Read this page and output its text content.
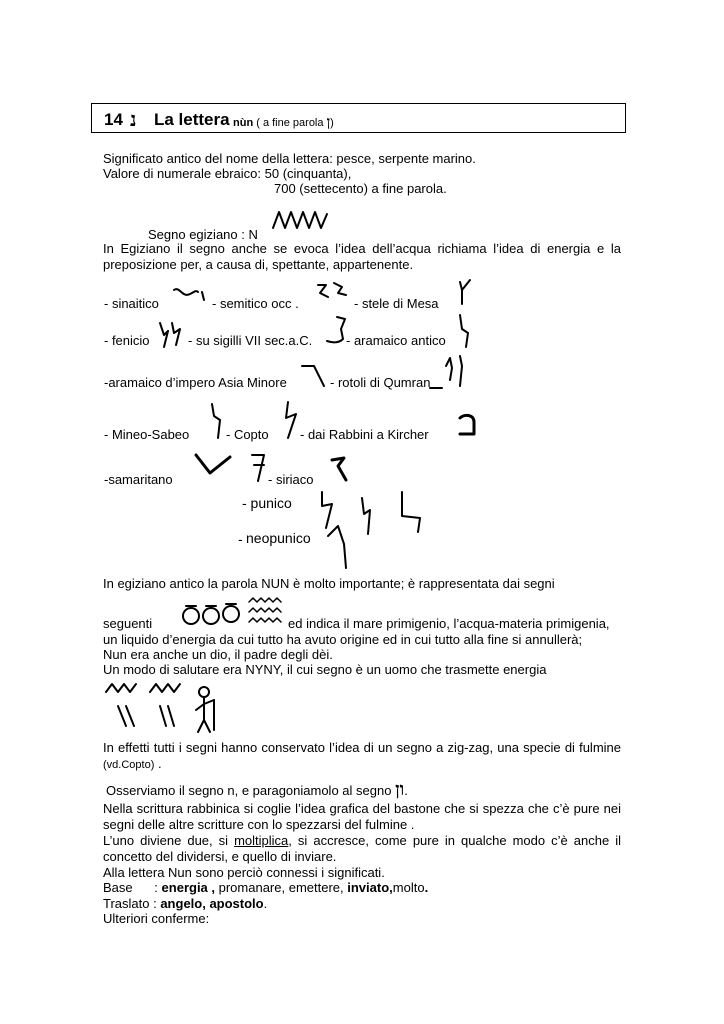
14 נ La lettera nùn ( a fine parola ן)
Significato antico del nome della lettera: pesce, serpente marino.
Valore di numerale ebraico: 50 (cinquanta),
700 (settecento) a fine parola.
Segno egiziano : N
In Egiziano il segno anche se evoca l’idea dell’acqua richiama l’idea di energia e la preposizione per, a causa di, spettante, appartenente.
- sinaitico	- semitico occ .	- stele di Mesa
- fenicio	- su sigilli VII sec.a.C.	- aramaico antico
-aramaico d’impero Asia Minore	- rotoli di Qumran
- Mineo-Sabeo	- Copto - dai Rabbini a Kircher
-samaritano	- siriaco
- punico
- neopunico
In egiziano antico la parola NUN è molto importante; è rappresentata dai segni
seguenti	ed indica il mare primigenio, l’acqua-materia primigenia,
un liquido d’energia da cui tutto ha avuto origine ed in cui tutto alla fine si annullerà;
Nun era anche un dio, il padre degli dèi.
Un modo di salutare era NYNY, il cui segno è un uomo che trasmette energia
In effetti tutti i segni hanno conservato l’idea di un segno a zig-zag, una specie di fulmine (vd.Copto) .
Osserviamo il segno n, e paragoniamolo al segno ון.
Nella scrittura rabbinica si coglie l’idea grafica del bastone che si spezza che c’è pure nei segni delle altre scritture con lo spezzarsi del fulmine .
L’uno diviene due, si moltiplica, si accresce, come pure in qualche modo c’è anche il concetto del dividersi, e quello di inviare.
Alla lettera Nun sono perciò connessi i significati.
Base      : energia , promanare, emettere, inviato,molto.
Traslato : angelo, apostolo.
Ulteriori conferme:
